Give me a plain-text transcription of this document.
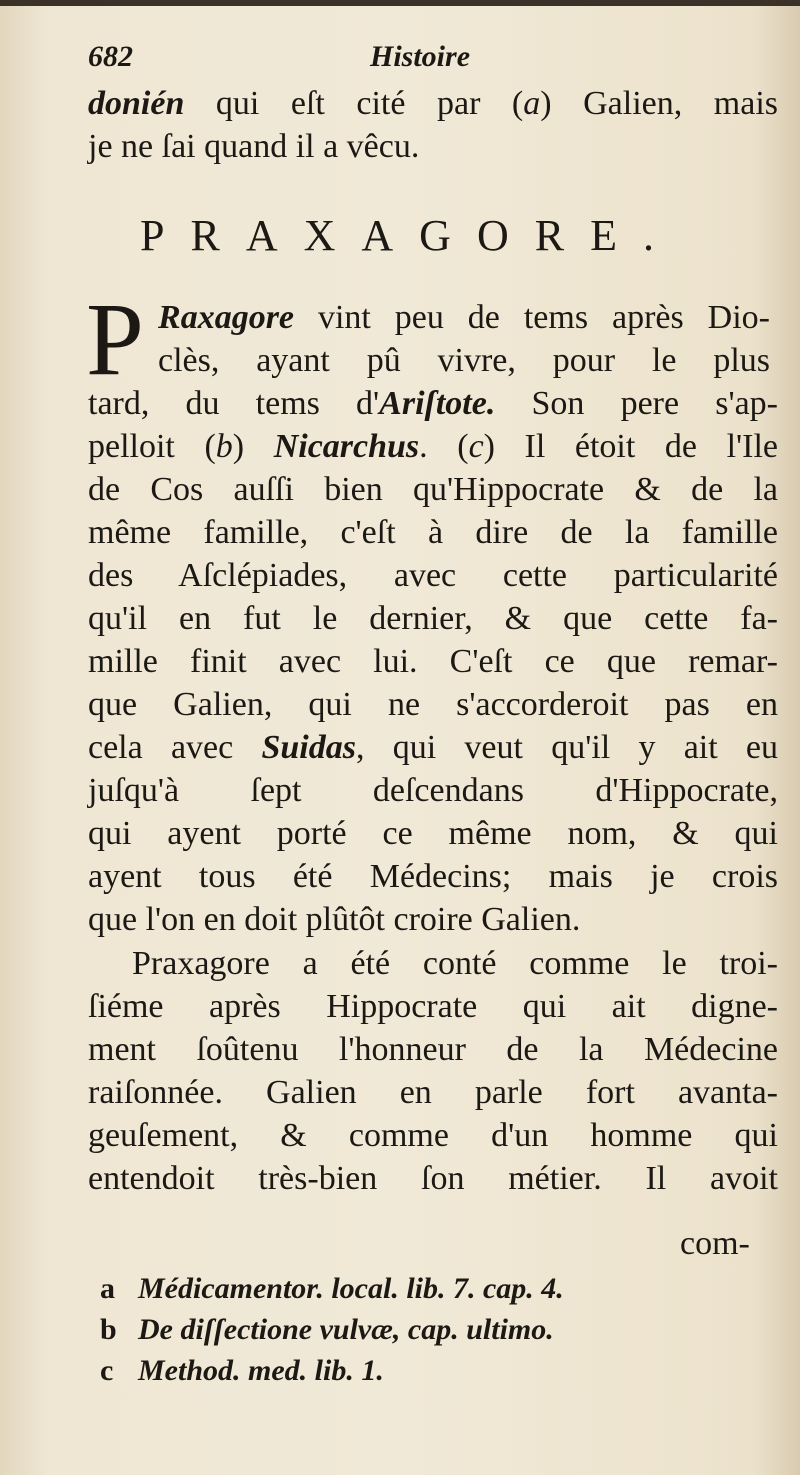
682	Histoire
donién qui eſt cité par (a) Galien, mais
je ne ſai quand il a vêcu.
PRAXAGORE.
P Raxagore vint peu de tems après Dio-
clès, ayant pû vivre, pour le plus
tard, du tems d'Ariſtote. Son pere s'ap-
pelloit (b) Nicarchus. (c) Il étoit de l'Ile
de Cos auſſi bien qu'Hippocrate & de la
même famille, c'eſt à dire de la famille
des Aſclépiades, avec cette particularité
qu'il en fut le dernier, & que cette fa-
mille finit avec lui. C'eſt ce que remar-
que Galien, qui ne s'accorderoit pas en
cela avec Suidas, qui veut qu'il y ait eu
juſqu'à ſept deſcendans d'Hippocrate,
qui ayent porté ce même nom, & qui
ayent tous été Médecins; mais je crois
que l'on en doit plûtôt croire Galien.
Praxagore a été conté comme le troi-
ſiéme après Hippocrate qui ait digne-
ment ſoûtenu l'honneur de la Médecine
raiſonnée. Galien en parle fort avanta-
geuſement, & comme d'un homme qui
entendoit très-bien ſon métier. Il avoit
com-
a Médicamentor. local. lib. 7. cap. 4.
b De diſſectione vulvæ, cap. ultimo.
c Method. med. lib. 1.
